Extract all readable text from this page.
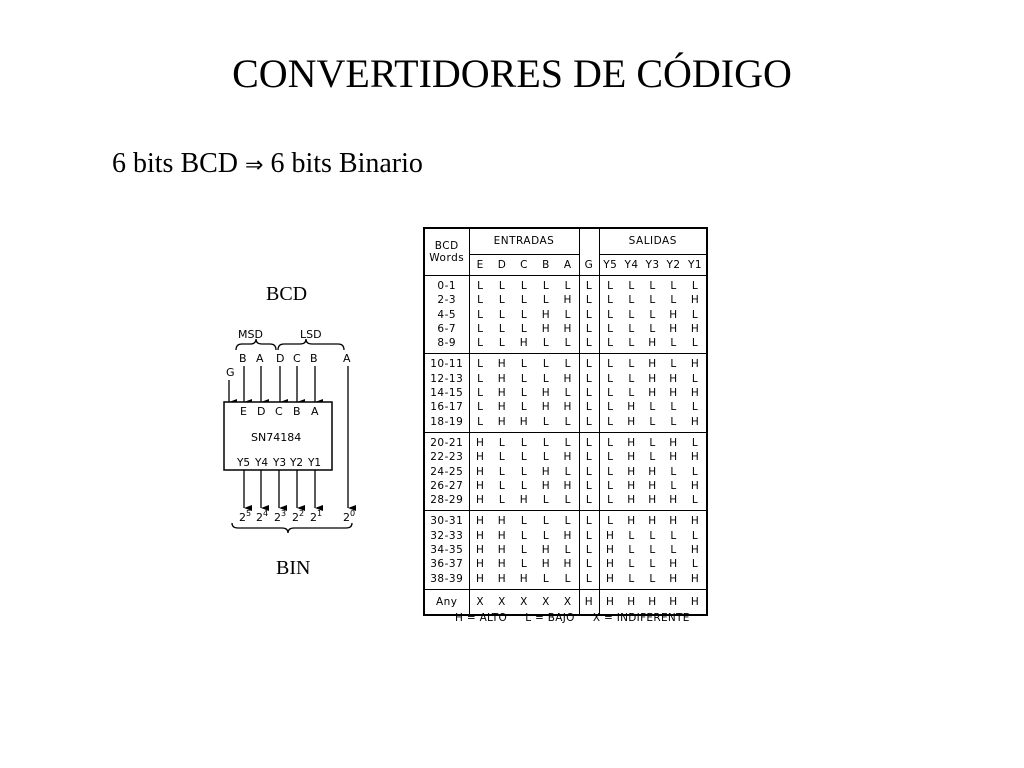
CONVERTIDORES DE CÓDIGO
6 bits BCD ⇒ 6 bits Binario
BCD
BIN
MSD	LSD
B A D C B A
G
E D C B A
SN74184
Y5 Y4 Y3 Y2 Y1
$2^5$ $2^4$ $2^3$ $2^2$ $2^1$ $2^0$
BCD
Words	ENTRADAS						SALIDAS				
	E	D	C	B	A	G	Y5	Y4	Y3	Y2	Y1
0-1	L	L	L	L	L	L	L	L	L	L	L
2-3	L	L	L	L	H	L	L	L	L	L	H
4-5	L	L	L	H	L	L	L	L	L	H	L
6-7	L	L	L	H	H	L	L	L	L	H	H
8-9	L	L	H	L	L	L	L	L	H	L	L
10-11	L	H	L	L	L	L	L	L	H	L	H
12-13	L	H	L	L	H	L	L	L	H	H	L
14-15	L	H	L	H	L	L	L	L	H	H	H
16-17	L	H	L	H	H	L	L	H	L	L	L
18-19	L	H	H	L	L	L	L	H	L	L	H
20-21	H	L	L	L	L	L	L	H	L	H	L
22-23	H	L	L	L	H	L	L	H	L	H	H
24-25	H	L	L	H	L	L	L	H	H	L	L
26-27	H	L	L	H	H	L	L	H	H	L	H
28-29	H	L	H	L	L	L	L	H	H	H	L
30-31	H	H	L	L	L	L	L	H	H	H	H
32-33	H	H	L	L	H	L	H	L	L	L	L
34-35	H	H	L	H	L	L	H	L	L	L	H
36-37	H	H	L	H	H	L	H	L	L	H	L
38-39	H	H	H	L	L	L	H	L	L	H	H
Any	X	X	X	X	X	H	H	H	H	H	H
H = ALTO     L = BAJO     X = INDIFERENTE
